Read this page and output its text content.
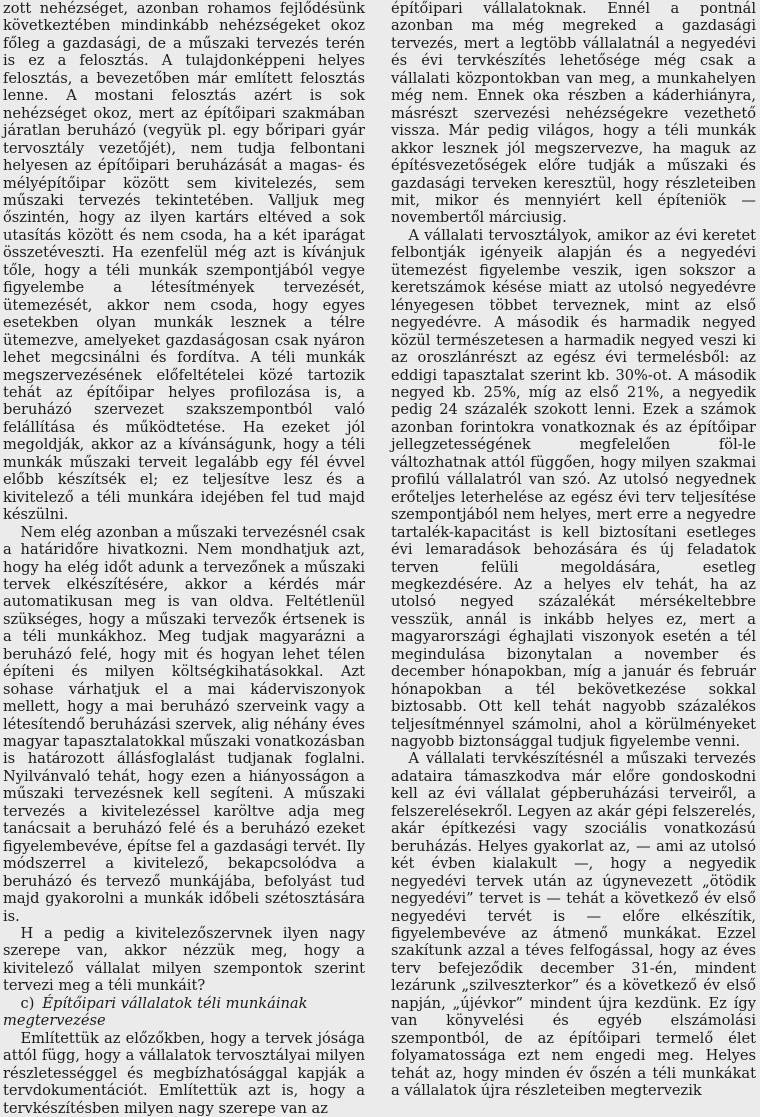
zott nehézséget, azonban rohamos fejlődésünk következtében mindinkább nehézségeket okoz főleg a gazdasági, de a műszaki tervezés terén is ez a felosztás. A tulajdonképpeni helyes felosztás, a bevezetőben már említett felosztás lenne. A mostani felosztás azért is sok nehézséget okoz, mert az építőipari szakmában járatlan beruházó (vegyük pl. egy bőripari gyár tervosztály vezetőjét), nem tudja felbontani helyesen az építőipari beruházását a magas- és mélyépítőipar között sem kivitelezés, sem műszaki tervezés tekintetében. Valljuk meg őszintén, hogy az ilyen kartárs eltéved a sok utasítás között és nem csoda, ha a két iparágat összetéveszti. Ha ezenfelül még azt is kívánjuk tőle, hogy a téli munkák szempontjából vegye figyelembe a létesítmények tervezését, ütemezését, akkor nem csoda, hogy egyes esetekben olyan munkák lesznek a télre ütemezve, amelyeket gazdaságosan csak nyáron lehet megcsinálni és fordítva. A téli munkák megszervezésének előfeltételei közé tartozik tehát az építőipar helyes profilozása is, a beruházó szervezet szakszempontból való felállítása és működtetése. Ha ezeket jól megoldják, akkor az a kívánságunk, hogy a téli munkák műszaki terveit legalább egy fél évvel előbb készítsék el; ez teljesítve lesz és a kivitelező a téli munkára idejében fel tud majd készülni.

Nem elég azonban a műszaki tervezésnél csak a határidőre hivatkozni. Nem mondhatjuk azt, hogy ha elég időt adunk a tervezőnek a műszaki tervek elkészítésére, akkor a kérdés már automatikusan meg is van oldva. Feltétlenül szükséges, hogy a műszaki tervezők értsenek is a téli munkákhoz. Meg tudjak magyarázni a beruházó felé, hogy mit és hogyan lehet télen építeni és milyen költségkihatásokkal. Azt sohase várhatjuk el a mai káderviszonyok mellett, hogy a mai beruházó szerveink vagy a létesítendő beruházási szervek, alig néhány éves magyar tapasztalatokkal műszaki vonatkozásban is határozott állásfoglalást tudjanak foglalni. Nyilvánvaló tehát, hogy ezen a hiányosságon a műszaki tervezésnek kell segíteni. A műszaki tervezés a kivitelezéssel karöltve adja meg tanácsait a beruházó felé és a beruházó ezeket figyelembevéve, építse fel a gazdasági tervét. Ily módszerrel a kivitelező, bekapcsolódva a beruházó és tervező munkájába, befolyást tud majd gyakorolni a munkák időbeli szétosztására is.

H a pedig a kivitelezőszervnek ilyen nagy szerepe van, akkor nézzük meg, hogy a kivitelező vállalat milyen szempontok szerint tervezi meg a téli munkáit?

c) Építőipari vállalatok téli munkáinak megtervezése

Említettük az előzőkben, hogy a tervek jósága attól függ, hogy a vállalatok tervosztályai milyen részletességgel és megbízhatósággal kapják a tervdokumentációt. Említettük azt is, hogy a tervkészítésben milyen nagy szerepe van az

építőipari vállalatoknak. Ennél a pontnál azonban ma még megreked a gazdasági tervezés, mert a legtöbb vállalatnál a negyedévi és évi tervkészítés lehetősége még csak a vállalati központokban van meg, a munkahelyen még nem. Ennek oka részben a káderhiányra, másrészt szervezési nehézségekre vezethető vissza. Már pedig világos, hogy a téli munkák akkor lesznek jól megszervezve, ha maguk az építésvezetőségek előre tudják a műszaki és gazdasági terveken keresztül, hogy részleteiben mit, mikor és mennyiért kell építeniök — novembertől márciusig.

A vállalati tervosztályok, amikor az évi keretet felbontják igényeik alapján és a negyedévi ütemezést figyelembe veszik, igen sokszor a keretszámok késése miatt az utolsó negyedévre lényegesen többet terveznek, mint az első negyedévre. A második és harmadik negyed közül természetesen a harmadik negyed veszi ki az oroszlánrészt az egész évi termelésből: az eddigi tapasztalat szerint kb. 30%-ot. A második negyed kb. 25%, míg az első 21%, a negyedik pedig 24 százalék szokott lenni. Ezek a számok azonban forintokra vonatkoznak és az építőipar jellegzetességének megfelelően föl-le változhatnak attól függően, hogy milyen szakmai profilú vállalatról van szó. Az utolsó negyednek erőteljes leterhelése az egész évi terv teljesítése szempontjából nem helyes, mert erre a negyedre tartalék-kapacitást is kell biztosítani esetleges évi lemaradások behozására és új feladatok terven felüli megoldására, esetleg megkezdésére. Az a helyes elv tehát, ha az utolsó negyed százalékát mérsékeltebbre vesszük, annál is inkább helyes ez, mert a magyarországi éghajlati viszonyok esetén a tél megindulása bizonytalan a november és december hónapokban, míg a január és február hónapokban a tél bekövetkezése sokkal biztosabb. Ott kell tehát nagyobb százalékos teljesítménnyel számolni, ahol a körülményeket nagyobb biztonsággal tudjuk figyelembe venni.

A vállalati tervkészítésnél a műszaki tervezés adataira támaszkodva már előre gondoskodni kell az évi vállalat gépberuházási terveiről, a felszerelésekről. Legyen az akár gépi felszerelés, akár építkezési vagy szociális vonatkozású beruházás. Helyes gyakorlat az, — ami az utolsó két évben kialakult —, hogy a negyedik negyedévi tervek után az úgynevezett „ötödik negyedévi” tervet is — tehát a következő év első negyedévi tervét is — előre elkészítik, figyelembevéve az átmenő munkákat. Ezzel szakítunk azzal a téves felfogással, hogy az éves terv befejeződik december 31-én, mindent lezárunk „szilveszterkor” és a következő év első napján, „újévkor” mindent újra kezdünk. Ez így van könyvelési és egyéb elszámolási szempontból, de az építőipari termelő élet folyamatossága ezt nem engedi meg. Helyes tehát az, hogy minden év őszén a téli munkákat a vállalatok újra részleteiben megtervezik
